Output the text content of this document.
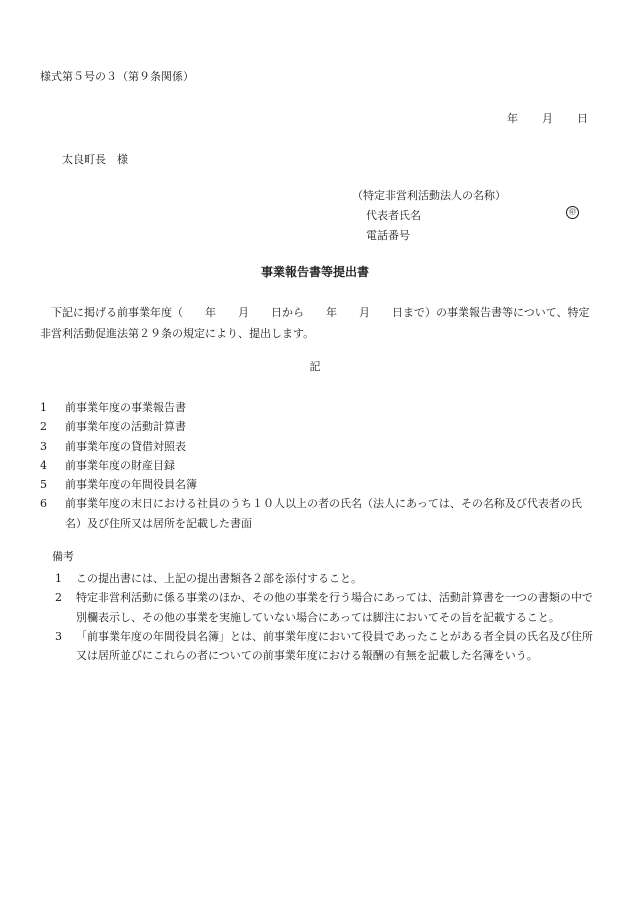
様式第５号の３（第９条関係）
年 月 日
太良町長　様
（特定非営利活動法人の名称）
代表者氏名
電話番号
㊞
事業報告書等提出書
下記に掲げる前事業年度（　　年　　月　　日から　　年　　月　　日まで）の事業報告書等について、特定非営利活動促進法第２９条の規定により、提出します。
記
1 前事業年度の事業報告書
2 前事業年度の活動計算書
3 前事業年度の貸借対照表
4 前事業年度の財産目録
5 前事業年度の年間役員名簿
6 前事業年度の末日における社員のうち１０人以上の者の氏名（法人にあっては、その名称及び代表者の氏名）及び住所又は居所を記載した書面
備考
1 この提出書には、上記の提出書類各２部を添付すること。
2 特定非営利活動に係る事業のほか、その他の事業を行う場合にあっては、活動計算書を一つの書類の中で別欄表示し、その他の事業を実施していない場合にあっては脚注においてその旨を記載すること。
3 「前事業年度の年間役員名簿」とは、前事業年度において役員であったことがある者全員の氏名及び住所又は居所並びにこれらの者についての前事業年度における報酬の有無を記載した名簿をいう。
